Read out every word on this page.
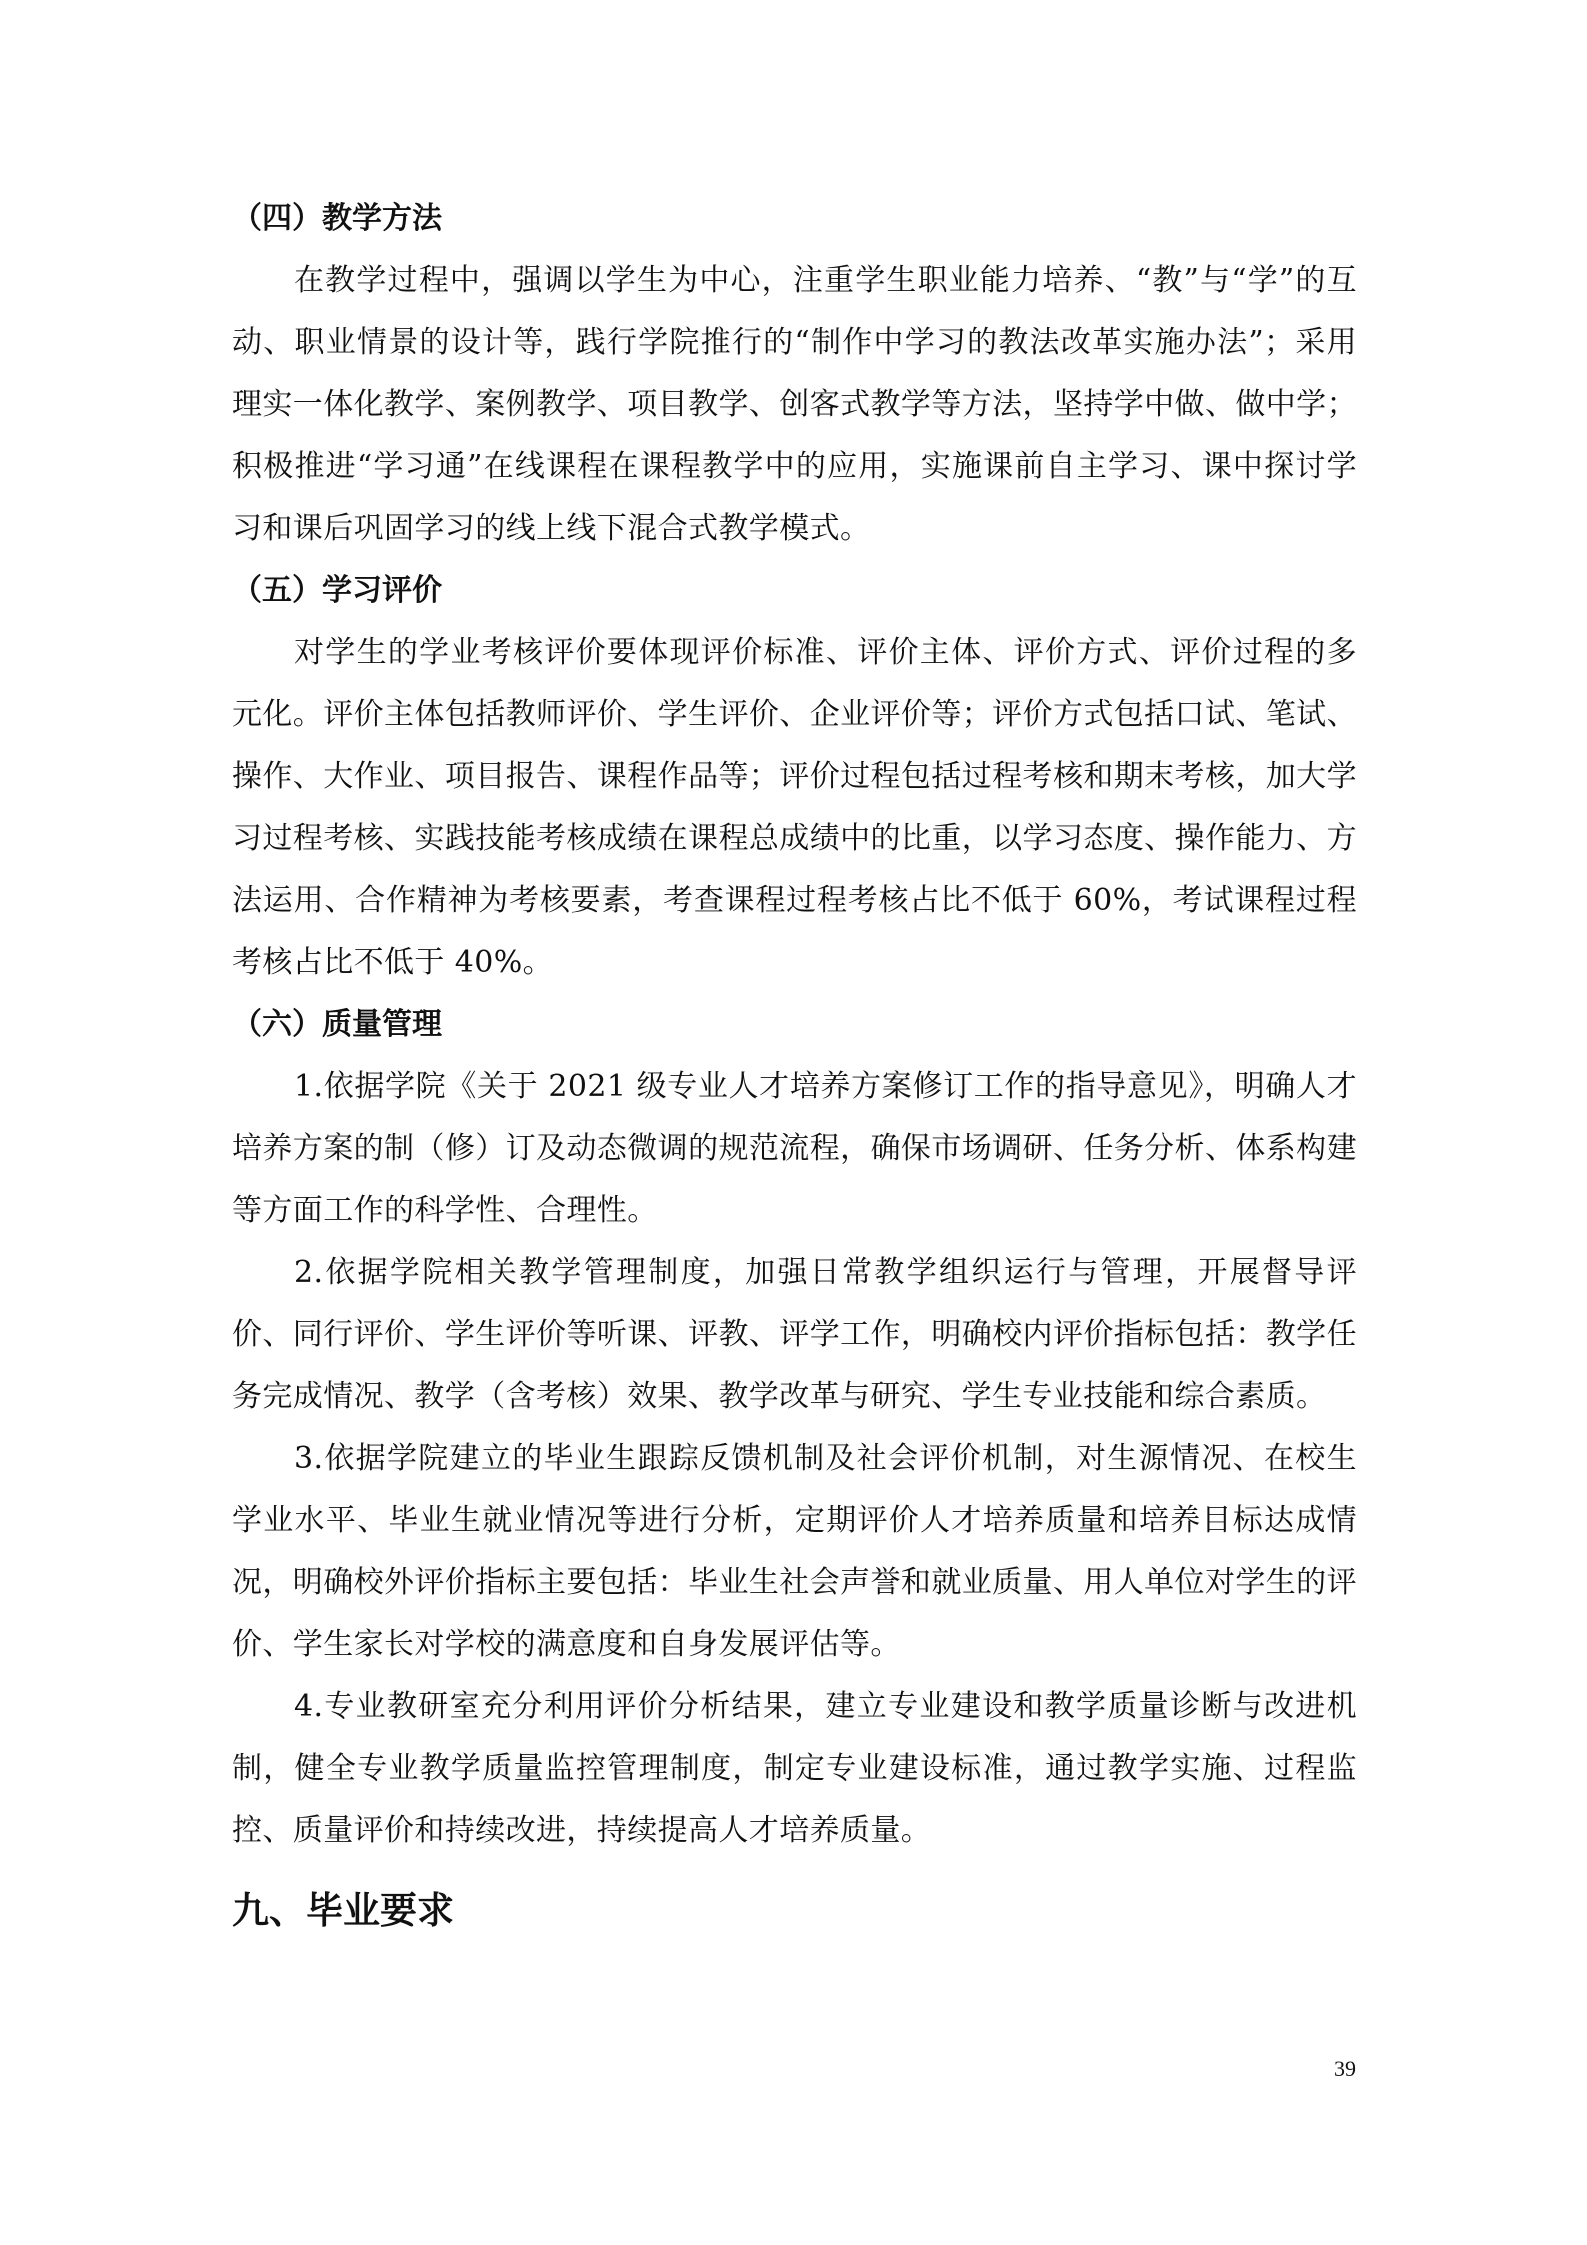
（四）教学方法

在教学过程中，强调以学生为中心，注重学生职业能力培养、“教”与“学”的互动、职业情景的设计等，践行学院推行的“制作中学习的教法改革实施办法”；采用理实一体化教学、案例教学、项目教学、创客式教学等方法，坚持学中做、做中学；积极推进“学习通”在线课程在课程教学中的应用，实施课前自主学习、课中探讨学习和课后巩固学习的线上线下混合式教学模式。

（五）学习评价

对学生的学业考核评价要体现评价标准、评价主体、评价方式、评价过程的多元化。评价主体包括教师评价、学生评价、企业评价等；评价方式包括口试、笔试、操作、大作业、项目报告、课程作品等；评价过程包括过程考核和期末考核，加大学习过程考核、实践技能考核成绩在课程总成绩中的比重，以学习态度、操作能力、方法运用、合作精神为考核要素，考查课程过程考核占比不低于 60%，考试课程过程考核占比不低于 40%。

（六）质量管理

1.依据学院《关于 2021 级专业人才培养方案修订工作的指导意见》，明确人才培养方案的制（修）订及动态微调的规范流程，确保市场调研、任务分析、体系构建等方面工作的科学性、合理性。

2.依据学院相关教学管理制度，加强日常教学组织运行与管理，开展督导评价、同行评价、学生评价等听课、评教、评学工作，明确校内评价指标包括：教学任务完成情况、教学（含考核）效果、教学改革与研究、学生专业技能和综合素质。

3.依据学院建立的毕业生跟踪反馈机制及社会评价机制，对生源情况、在校生学业水平、毕业生就业情况等进行分析，定期评价人才培养质量和培养目标达成情况，明确校外评价指标主要包括：毕业生社会声誉和就业质量、用人单位对学生的评价、学生家长对学校的满意度和自身发展评估等。

4.专业教研室充分利用评价分析结果，建立专业建设和教学质量诊断与改进机制，健全专业教学质量监控管理制度，制定专业建设标准，通过教学实施、过程监控、质量评价和持续改进，持续提高人才培养质量。

九、毕业要求
39
